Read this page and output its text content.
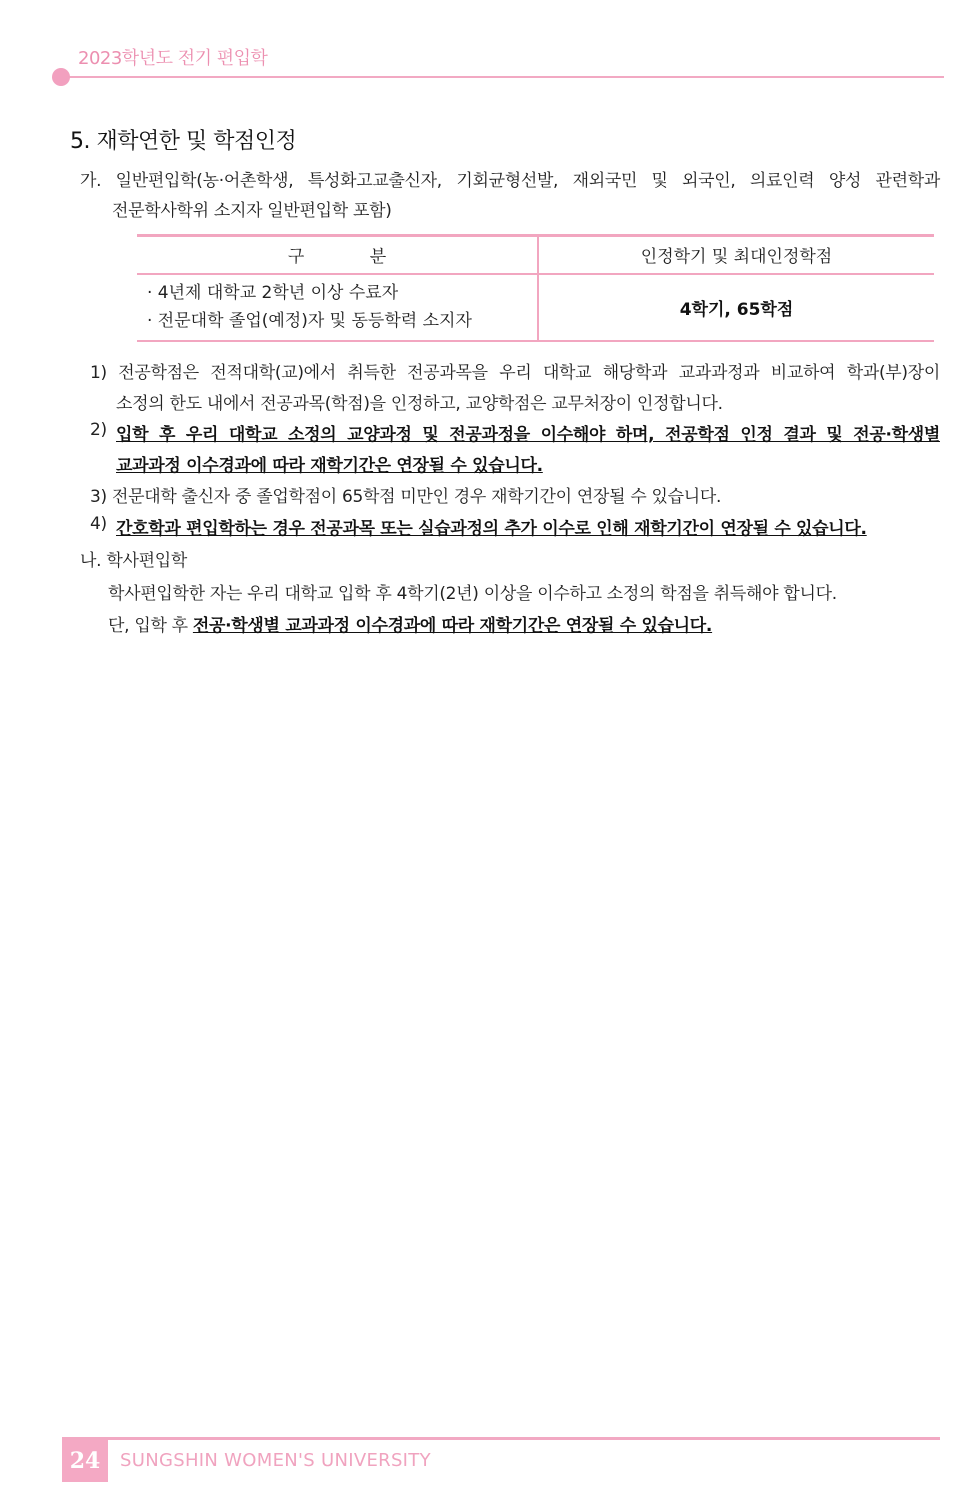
2023학년도 전기 편입학
5. 재학연한 및 학점인정
가. 일반편입학(농·어촌학생, 특성화고교출신자, 기회균형선발, 재외국민 및 외국인, 의료인력 양성 관련학과
전문학사학위 소지자 일반편입학 포함)
구 분	인정학기 및 최대인정학점

· 4년제 대학교 2학년 이상 수료자
· 전문대학 졸업(예정)자 및 동등학력 소지자	4학기, 65학점
1) 전공학점은 전적대학(교)에서 취득한 전공과목을 우리 대학교 해당학과 교과과정과 비교하여 학과(부)장이
소정의 한도 내에서 전공과목(학점)을 인정하고, 교양학점은 교무처장이 인정합니다.
2) 입학 후 우리 대학교 소정의 교양과정 및 전공과정을 이수해야 하며, 전공학점 인정 결과 및 전공·학생별
교과과정 이수경과에 따라 재학기간은 연장될 수 있습니다.
3) 전문대학 출신자 중 졸업학점이 65학점 미만인 경우 재학기간이 연장될 수 있습니다.
4) 간호학과 편입학하는 경우 전공과목 또는 실습과정의 추가 이수로 인해 재학기간이 연장될 수 있습니다.
나. 학사편입학
학사편입학한 자는 우리 대학교 입학 후 4학기(2년) 이상을 이수하고 소정의 학점을 취득해야 합니다.
단, 입학 후 전공·학생별 교과과정 이수경과에 따라 재학기간은 연장될 수 있습니다.
24	SUNGSHIN WOMEN'S UNIVERSITY
